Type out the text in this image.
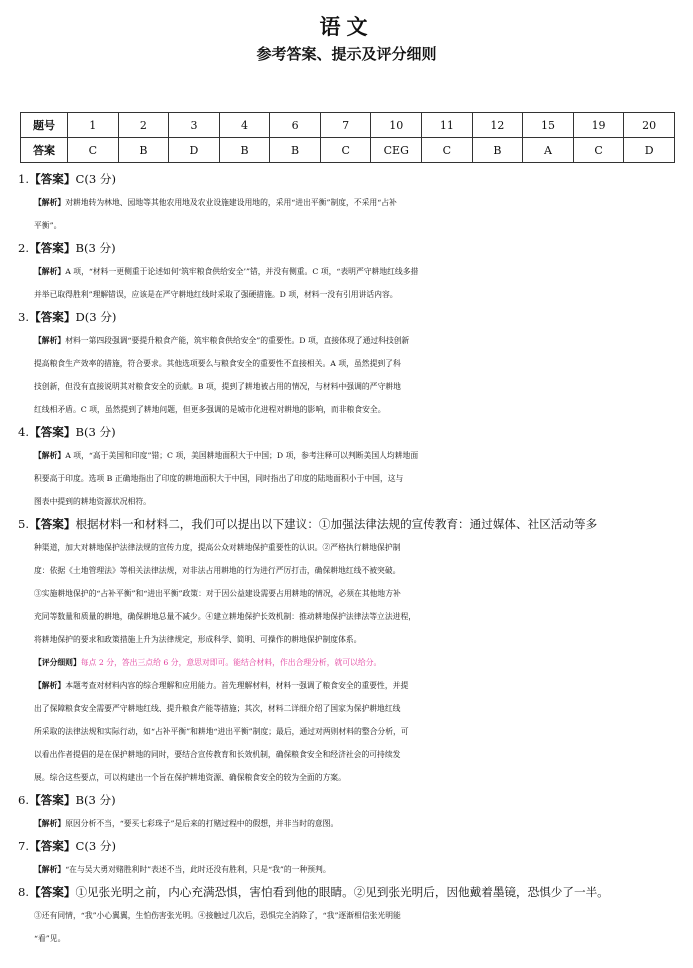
语文
参考答案、提示及评分细则
题号	1	2	3	4	6	7	10	11	12	15	19	20
答案	C	B	D	B	B	C	CEG	C	B	A	C	D
1.【答案】C(3 分)
【解析】对耕地转为林地、园地等其他农用地及农业设施建设用地的，采用“进出平衡”制度，不采用“占补
平衡”。
2.【答案】B(3 分)
【解析】A 项，“材料一更侧重于论述如何‘筑牢粮食供给安全’”错，并没有侧重。C 项，“表明严守耕地红线多措
并举已取得胜利”理解错误，应该是在严守耕地红线时采取了强硬措施。D 项，材料一没有引用讲话内容。
3.【答案】D(3 分)
【解析】材料一第四段强调“要提升粮食产能，筑牢粮食供给安全”的重要性。D 项，直接体现了通过科技创新
提高粮食生产效率的措施，符合要求。其他选项要么与粮食安全的重要性不直接相关。A 项，虽然提到了科
技创新，但没有直接说明其对粮食安全的贡献。B 项，提到了耕地被占用的情况，与材料中强调的严守耕地
红线相矛盾。C 项，虽然提到了耕地问题，但更多强调的是城市化进程对耕地的影响，而非粮食安全。
4.【答案】B(3 分)
【解析】A 项，“高于美国和印度”错；C 项，美国耕地面积大于中国；D 项，参考注释可以判断美国人均耕地面
积要高于印度。选项 B 正确地指出了印度的耕地面积大于中国，同时指出了印度的陆地面积小于中国，这与
图表中提到的耕地资源状况相符。
5.【答案】根据材料一和材料二，我们可以提出以下建议：①加强法律法规的宣传教育：通过媒体、社区活动等多
种渠道，加大对耕地保护法律法规的宣传力度，提高公众对耕地保护重要性的认识。②严格执行耕地保护制
度：依据《土地管理法》等相关法律法规，对非法占用耕地的行为进行严厉打击，确保耕地红线不被突破。
③实施耕地保护的“占补平衡”和“进出平衡”政策：对于因公益建设需要占用耕地的情况，必须在其他地方补
充同等数量和质量的耕地，确保耕地总量不减少。④建立耕地保护长效机制：推动耕地保护法律法等立法进程，
将耕地保护的要求和政策措施上升为法律规定，形成科学、简明、可操作的耕地保护制度体系。
【评分细则】每点 2 分，答出三点给 6 分，意思对即可。能结合材料，作出合理分析，就可以给分。
【解析】本题考查对材料内容的综合理解和应用能力。首先理解材料，材料一强调了粮食安全的重要性，并提
出了保障粮食安全需要严守耕地红线、提升粮食产能等措施；其次，材料二详细介绍了国家为保护耕地红线
所采取的法律法规和实际行动，如“占补平衡”和耕地“进出平衡”制度；最后，通过对两则材料的整合分析，可
以看出作者提倡的是在保护耕地的同时，要结合宣传教育和长效机制，确保粮食安全和经济社会的可持续发
展。综合这些要点，可以构建出一个旨在保护耕地资源、确保粮食安全的较为全面的方案。
6.【答案】B(3 分)
【解析】原因分析不当，“要买七彩珠子”是后来的打赌过程中的假想，并非当时的意图。
7.【答案】C(3 分)
【解析】“在与吴大勇对赌胜利时”表述不当，此时还没有胜利，只是“我”的一种预判。
8.【答案】①见张光明之前，内心充满恐惧，害怕看到他的眼睛。②见到张光明后，因他戴着墨镜，恐惧少了一半。
③还有同情，“我”小心翼翼，生怕伤害张光明。④接触过几次后，恐惧完全消除了，“我”逐渐相信张光明能
“看”见。
